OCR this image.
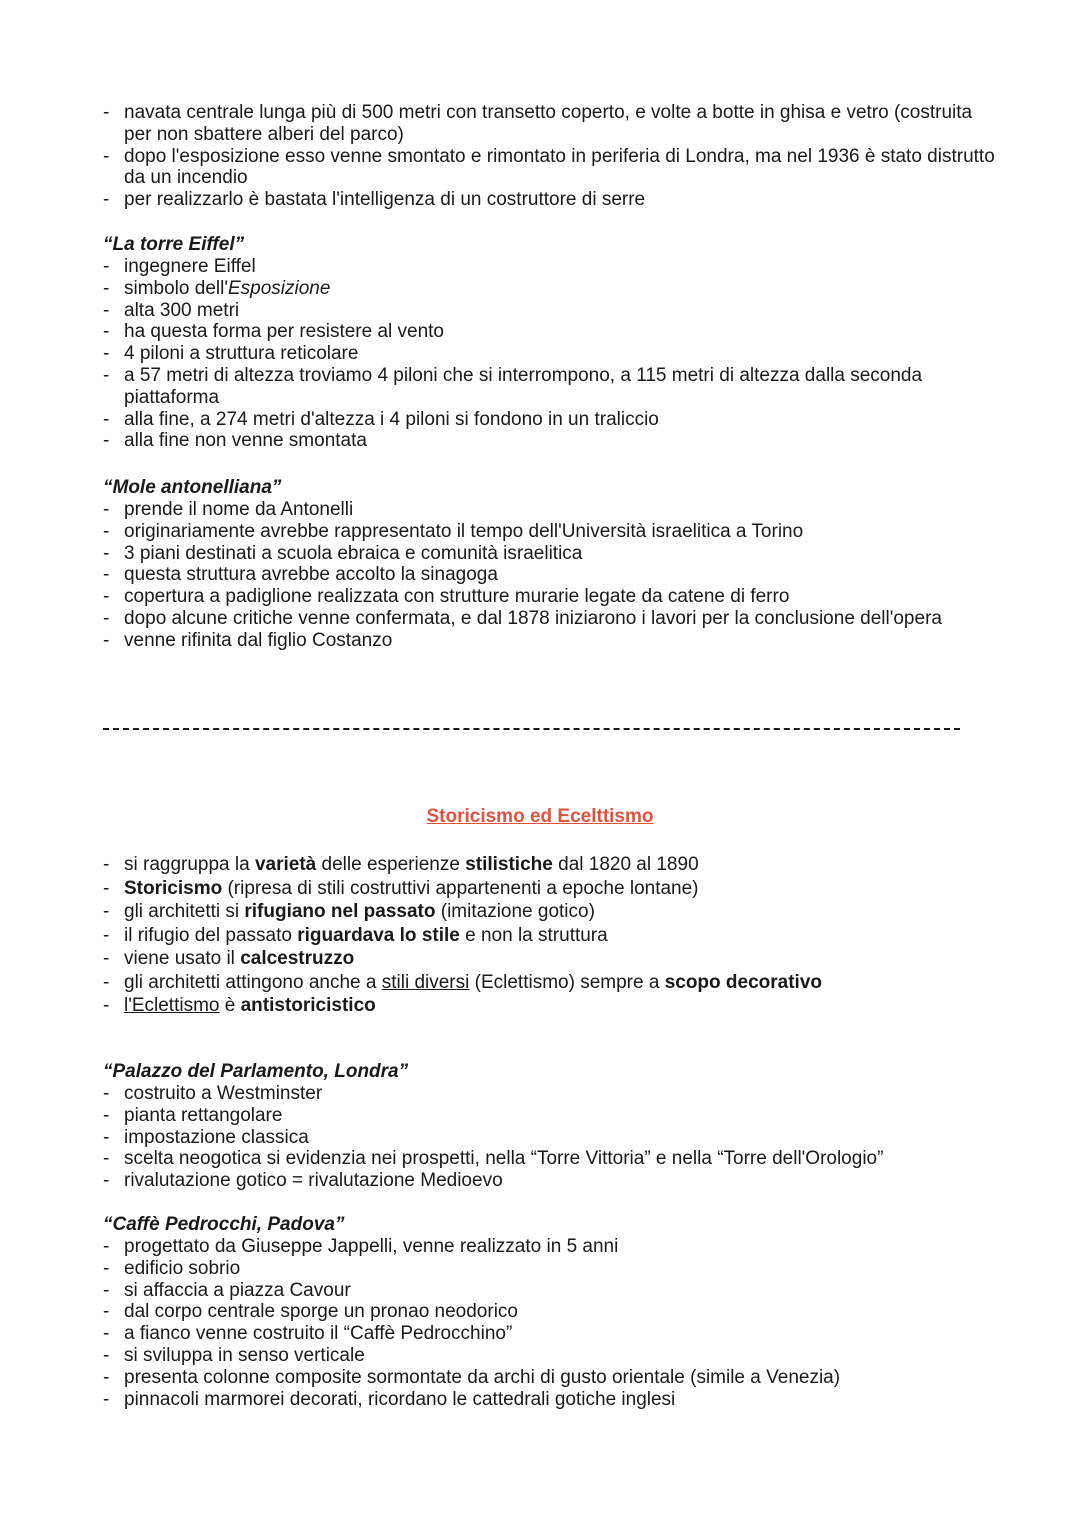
- navata centrale lunga più di 500 metri con transetto coperto, e volte a botte in ghisa e vetro (costruita per non sbattere alberi del parco)
- dopo l'esposizione esso venne smontato e rimontato in periferia di Londra, ma nel 1936 è stato distrutto da un incendio
- per realizzarlo è bastata l'intelligenza di un costruttore di serre

“La torre Eiffel”

- ingegnere Eiffel
- simbolo dell'Esposizione
- alta 300 metri
- ha questa forma per resistere al vento
- 4 piloni a struttura reticolare
- a 57 metri di altezza troviamo 4 piloni che si interrompono, a 115 metri di altezza dalla seconda piattaforma
- alla fine, a 274 metri d'altezza i 4 piloni si fondono in un traliccio
- alla fine non venne smontata

“Mole antonelliana”

- prende il nome da Antonelli
- originariamente avrebbe rappresentato il tempo dell'Università israelitica a Torino
- 3 piani destinati a scuola ebraica e comunità israelitica
- questa struttura avrebbe accolto la sinagoga
- copertura a padiglione realizzata con strutture murarie legate da catene di ferro
- dopo alcune critiche venne confermata, e dal 1878 iniziarono i lavori per la conclusione dell'opera
- venne rifinita dal figlio Costanzo
Storicismo ed Ecelttismo
- si raggruppa la varietà delle esperienze stilistiche dal 1820 al 1890
- Storicismo (ripresa di stili costruttivi appartenenti a epoche lontane)
- gli architetti si rifugiano nel passato (imitazione gotico)
- il rifugio del passato riguardava lo stile e non la struttura
- viene usato il calcestruzzo
- gli architetti attingono anche a stili diversi (Eclettismo) sempre a scopo decorativo
- l'Eclettismo è antistoricistico

“Palazzo del Parlamento, Londra”

- costruito a Westminster
- pianta rettangolare
- impostazione classica
- scelta neogotica si evidenzia nei prospetti, nella “Torre Vittoria” e nella “Torre dell'Orologio”
- rivalutazione gotico = rivalutazione Medioevo

“Caffè Pedrocchi, Padova”

- progettato da Giuseppe Jappelli, venne realizzato in 5 anni
- edificio sobrio
- si affaccia a piazza Cavour
- dal corpo centrale sporge un pronao neodorico
- a fianco venne costruito il “Caffè Pedrocchino”
- si sviluppa in senso verticale
- presenta colonne composite sormontate da archi di gusto orientale (simile a Venezia)
- pinnacoli marmorei decorati, ricordano le cattedrali gotiche inglesi
